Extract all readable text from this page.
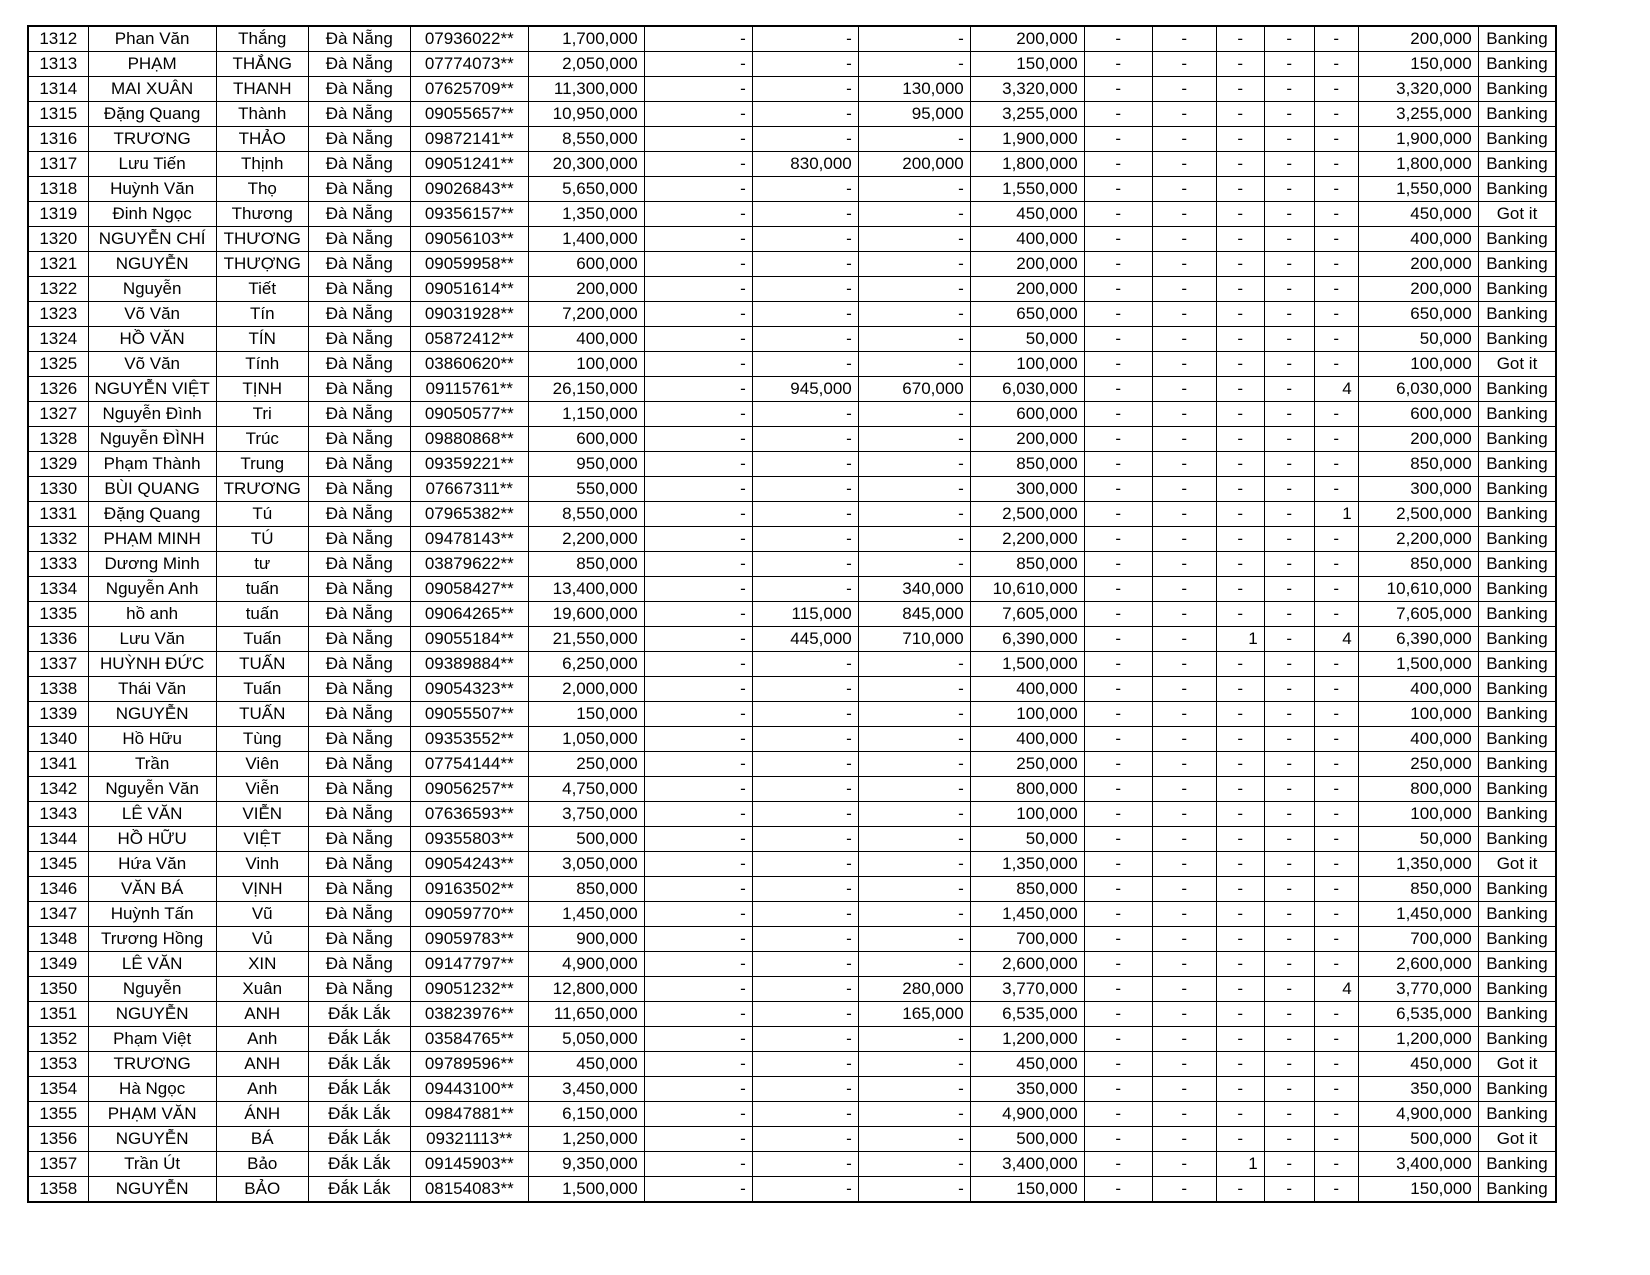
1312	Phan Văn	Thắng	Đà Nẵng	07936022**	1,700,000	-	-	-	200,000	-	-	-	-	-	200,000	Banking
1313	PHẠM	THẮNG	Đà Nẵng	07774073**	2,050,000	-	-	-	150,000	-	-	-	-	-	150,000	Banking
1314	MAI XUÂN	THANH	Đà Nẵng	07625709**	11,300,000	-	-	130,000	3,320,000	-	-	-	-	-	3,320,000	Banking
1315	Đặng Quang	Thành	Đà Nẵng	09055657**	10,950,000	-	-	95,000	3,255,000	-	-	-	-	-	3,255,000	Banking
1316	TRƯƠNG	THẢO	Đà Nẵng	09872141**	8,550,000	-	-	-	1,900,000	-	-	-	-	-	1,900,000	Banking
1317	Lưu Tiến	Thịnh	Đà Nẵng	09051241**	20,300,000	-	830,000	200,000	1,800,000	-	-	-	-	-	1,800,000	Banking
1318	Huỳnh Văn	Thọ	Đà Nẵng	09026843**	5,650,000	-	-	-	1,550,000	-	-	-	-	-	1,550,000	Banking
1319	Đinh Ngọc	Thương	Đà Nẵng	09356157**	1,350,000	-	-	-	450,000	-	-	-	-	-	450,000	Got it
1320	NGUYỄN CHÍ	THƯƠNG	Đà Nẵng	09056103**	1,400,000	-	-	-	400,000	-	-	-	-	-	400,000	Banking
1321	NGUYỄN	THƯỢNG	Đà Nẵng	09059958**	600,000	-	-	-	200,000	-	-	-	-	-	200,000	Banking
1322	Nguyễn	Tiết	Đà Nẵng	09051614**	200,000	-	-	-	200,000	-	-	-	-	-	200,000	Banking
1323	Võ Văn	Tín	Đà Nẵng	09031928**	7,200,000	-	-	-	650,000	-	-	-	-	-	650,000	Banking
1324	HỒ VĂN	TÍN	Đà Nẵng	05872412**	400,000	-	-	-	50,000	-	-	-	-	-	50,000	Banking
1325	Võ Văn	Tính	Đà Nẵng	03860620**	100,000	-	-	-	100,000	-	-	-	-	-	100,000	Got it
1326	NGUYỄN VIỆT	TỊNH	Đà Nẵng	09115761**	26,150,000	-	945,000	670,000	6,030,000	-	-	-	-	4	6,030,000	Banking
1327	Nguyễn Đình	Tri	Đà Nẵng	09050577**	1,150,000	-	-	-	600,000	-	-	-	-	-	600,000	Banking
1328	Nguyễn ĐÌNH	Trúc	Đà Nẵng	09880868**	600,000	-	-	-	200,000	-	-	-	-	-	200,000	Banking
1329	Phạm Thành	Trung	Đà Nẵng	09359221**	950,000	-	-	-	850,000	-	-	-	-	-	850,000	Banking
1330	BÙI QUANG	TRƯƠNG	Đà Nẵng	07667311**	550,000	-	-	-	300,000	-	-	-	-	-	300,000	Banking
1331	Đặng Quang	Tú	Đà Nẵng	07965382**	8,550,000	-	-	-	2,500,000	-	-	-	-	1	2,500,000	Banking
1332	PHẠM MINH	TÚ	Đà Nẵng	09478143**	2,200,000	-	-	-	2,200,000	-	-	-	-	-	2,200,000	Banking
1333	Dương Minh	tư	Đà Nẵng	03879622**	850,000	-	-	-	850,000	-	-	-	-	-	850,000	Banking
1334	Nguyễn Anh	tuấn	Đà Nẵng	09058427**	13,400,000	-	-	340,000	10,610,000	-	-	-	-	-	10,610,000	Banking
1335	hồ anh	tuấn	Đà Nẵng	09064265**	19,600,000	-	115,000	845,000	7,605,000	-	-	-	-	-	7,605,000	Banking
1336	Lưu Văn	Tuấn	Đà Nẵng	09055184**	21,550,000	-	445,000	710,000	6,390,000	-	-	1	-	4	6,390,000	Banking
1337	HUỲNH ĐỨC	TUẤN	Đà Nẵng	09389884**	6,250,000	-	-	-	1,500,000	-	-	-	-	-	1,500,000	Banking
1338	Thái Văn	Tuấn	Đà Nẵng	09054323**	2,000,000	-	-	-	400,000	-	-	-	-	-	400,000	Banking
1339	NGUYỄN	TUẤN	Đà Nẵng	09055507**	150,000	-	-	-	100,000	-	-	-	-	-	100,000	Banking
1340	Hồ Hữu	Tùng	Đà Nẵng	09353552**	1,050,000	-	-	-	400,000	-	-	-	-	-	400,000	Banking
1341	Trần	Viên	Đà Nẵng	07754144**	250,000	-	-	-	250,000	-	-	-	-	-	250,000	Banking
1342	Nguyễn Văn	Viễn	Đà Nẵng	09056257**	4,750,000	-	-	-	800,000	-	-	-	-	-	800,000	Banking
1343	LÊ VĂN	VIỄN	Đà Nẵng	07636593**	3,750,000	-	-	-	100,000	-	-	-	-	-	100,000	Banking
1344	HỒ HỮU	VIỆT	Đà Nẵng	09355803**	500,000	-	-	-	50,000	-	-	-	-	-	50,000	Banking
1345	Hứa Văn	Vinh	Đà Nẵng	09054243**	3,050,000	-	-	-	1,350,000	-	-	-	-	-	1,350,000	Got it
1346	VĂN BÁ	VỊNH	Đà Nẵng	09163502**	850,000	-	-	-	850,000	-	-	-	-	-	850,000	Banking
1347	Huỳnh Tấn	Vũ	Đà Nẵng	09059770**	1,450,000	-	-	-	1,450,000	-	-	-	-	-	1,450,000	Banking
1348	Trương Hồng	Vủ	Đà Nẵng	09059783**	900,000	-	-	-	700,000	-	-	-	-	-	700,000	Banking
1349	LÊ VĂN	XIN	Đà Nẵng	09147797**	4,900,000	-	-	-	2,600,000	-	-	-	-	-	2,600,000	Banking
1350	Nguyễn	Xuân	Đà Nẵng	09051232**	12,800,000	-	-	280,000	3,770,000	-	-	-	-	4	3,770,000	Banking
1351	NGUYỄN	ANH	Đắk Lắk	03823976**	11,650,000	-	-	165,000	6,535,000	-	-	-	-	-	6,535,000	Banking
1352	Phạm Việt	Anh	Đắk Lắk	03584765**	5,050,000	-	-	-	1,200,000	-	-	-	-	-	1,200,000	Banking
1353	TRƯƠNG	ANH	Đắk Lắk	09789596**	450,000	-	-	-	450,000	-	-	-	-	-	450,000	Got it
1354	Hà Ngọc	Anh	Đắk Lắk	09443100**	3,450,000	-	-	-	350,000	-	-	-	-	-	350,000	Banking
1355	PHẠM VĂN	ÁNH	Đắk Lắk	09847881**	6,150,000	-	-	-	4,900,000	-	-	-	-	-	4,900,000	Banking
1356	NGUYỄN	BÁ	Đắk Lắk	09321113**	1,250,000	-	-	-	500,000	-	-	-	-	-	500,000	Got it
1357	Trần Út	Bảo	Đắk Lắk	09145903**	9,350,000	-	-	-	3,400,000	-	-	1	-	-	3,400,000	Banking
1358	NGUYỄN	BẢO	Đắk Lắk	08154083**	1,500,000	-	-	-	150,000	-	-	-	-	-	150,000	Banking
